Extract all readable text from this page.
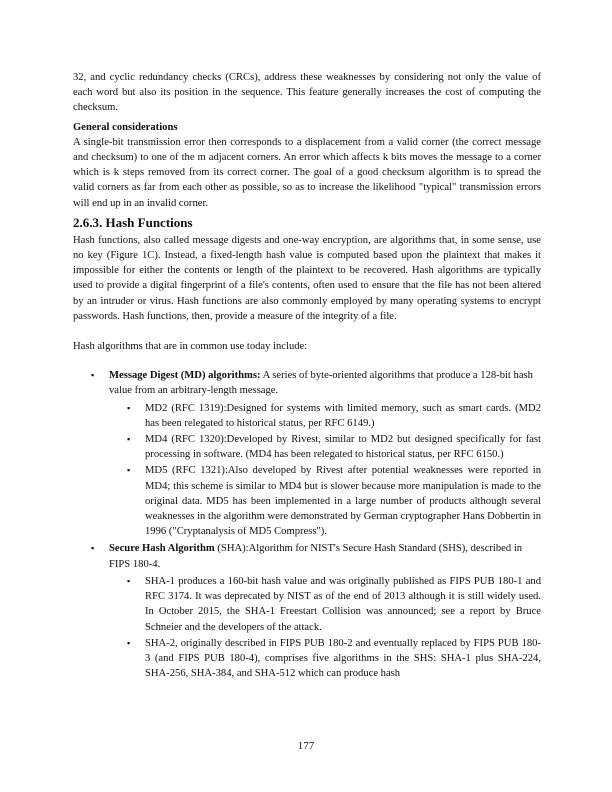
32, and cyclic redundancy checks (CRCs), address these weaknesses by considering not only the value of each word but also its position in the sequence. This feature generally increases the cost of computing the checksum.

General considerations

A single-bit transmission error then corresponds to a displacement from a valid corner (the correct message and checksum) to one of the m adjacent corners. An error which affects k bits moves the message to a corner which is k steps removed from its correct corner. The goal of a good checksum algorithm is to spread the valid corners as far from each other as possible, so as to increase the likelihood "typical" transmission errors will end up in an invalid corner.

2.6.3. Hash Functions

Hash functions, also called message digests and one-way encryption, are algorithms that, in some sense, use no key (Figure 1C). Instead, a fixed-length hash value is computed based upon the plaintext that makes it impossible for either the contents or length of the plaintext to be recovered. Hash algorithms are typically used to provide a digital fingerprint of a file's contents, often used to ensure that the file has not been altered by an intruder or virus. Hash functions are also commonly employed by many operating systems to encrypt passwords. Hash functions, then, provide a measure of the integrity of a file.

Hash algorithms that are in common use today include:

▪ Message Digest (MD) algorithms: A series of byte-oriented algorithms that produce a 128-bit hash value from an arbitrary-length message.
▪ MD2 (RFC 1319):Designed for systems with limited memory, such as smart cards. (MD2 has been relegated to historical status, per RFC 6149.)
▪ MD4 (RFC 1320):Developed by Rivest, similar to MD2 but designed specifically for fast processing in software. (MD4 has been relegated to historical status, per RFC 6150.)
▪ MD5 (RFC 1321):Also developed by Rivest after potential weaknesses were reported in MD4; this scheme is similar to MD4 but is slower because more manipulation is made to the original data. MD5 has been implemented in a large number of products although several weaknesses in the algorithm were demonstrated by German cryptographer Hans Dobbertin in 1996 ("Cryptanalysis of MD5 Compress").
▪ Secure Hash Algorithm (SHA):Algorithm for NIST's Secure Hash Standard (SHS), described in FIPS 180-4.
▪ SHA-1 produces a 160-bit hash value and was originally published as FIPS PUB 180-1 and RFC 3174. It was deprecated by NIST as of the end of 2013 although it is still widely used. In October 2015, the SHA-1 Freestart Collision was announced; see a report by Bruce Schneier and the developers of the attack.
▪ SHA-2, originally described in FIPS PUB 180-2 and eventually replaced by FIPS PUB 180-3 (and FIPS PUB 180-4), comprises five algorithms in the SHS: SHA-1 plus SHA-224, SHA-256, SHA-384, and SHA-512 which can produce hash
177
